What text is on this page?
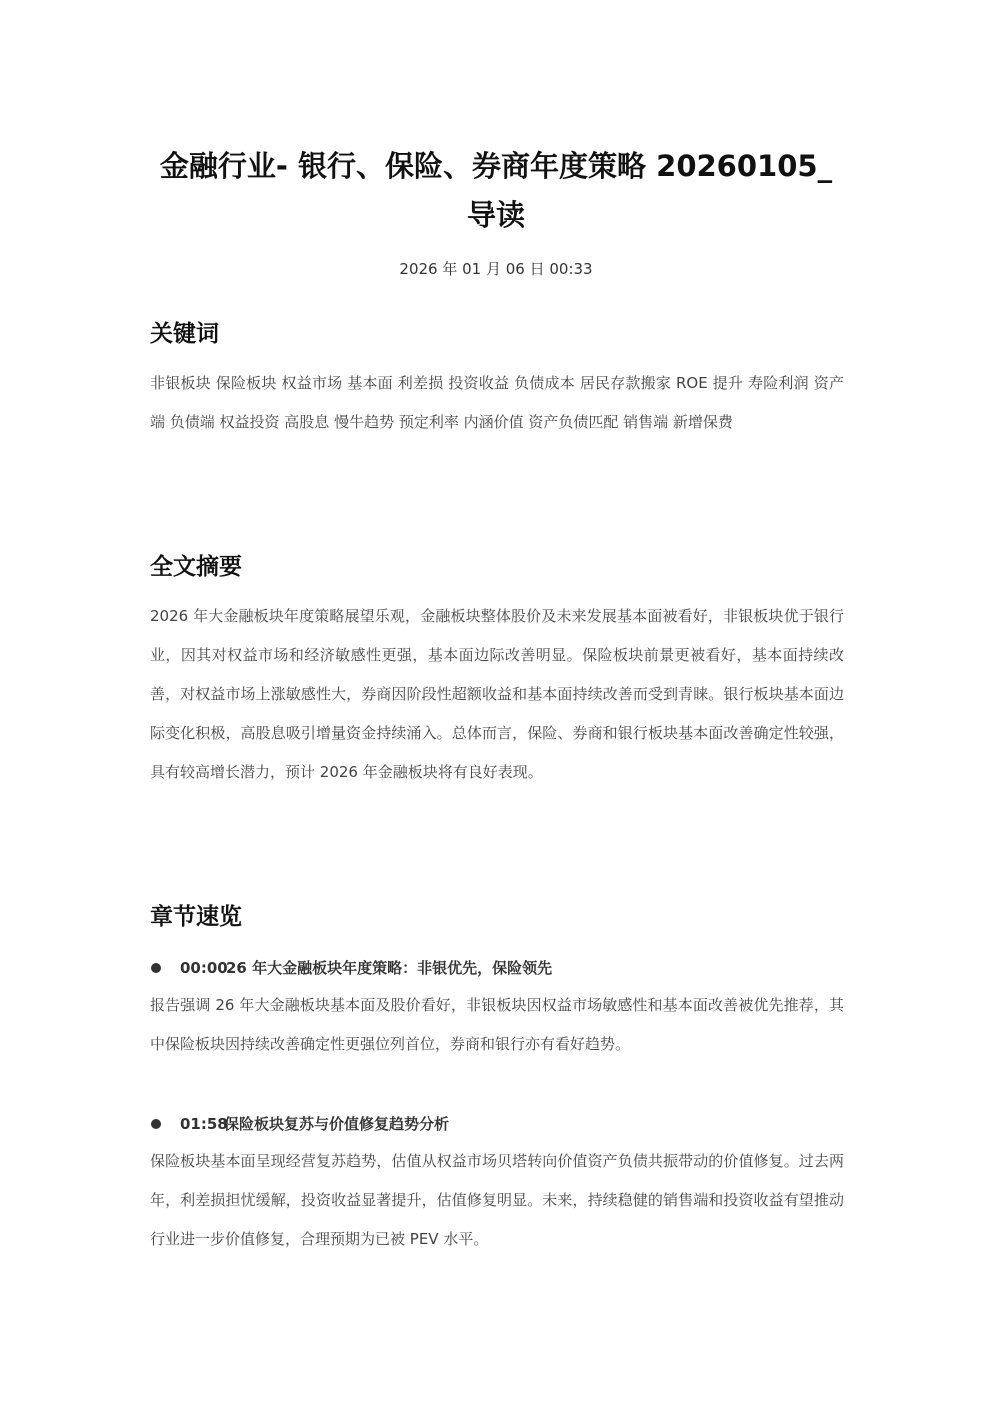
金融行业- 银行、保险、券商年度策略 20260105_导读
2026 年 01 月 06 日 00:33
关键词
非银板块 保险板块 权益市场 基本面 利差损 投资收益 负债成本 居民存款搬家 ROE 提升 寿险利润 资产端 负债端 权益投资 高股息 慢牛趋势 预定利率 内涵价值 资产负债匹配 销售端 新增保费
全文摘要
2026 年大金融板块年度策略展望乐观，金融板块整体股价及未来发展基本面被看好，非银板块优于银行业，因其对权益市场和经济敏感性更强，基本面边际改善明显。保险板块前景更被看好，基本面持续改善，对权益市场上涨敏感性大，券商因阶段性超额收益和基本面持续改善而受到青睐。银行板块基本面边际变化积极，高股息吸引增量资金持续涌入。总体而言，保险、券商和银行板块基本面改善确定性较强，具有较高增长潜力，预计 2026 年金融板块将有良好表现。
章节速览
00:00
26 年大金融板块年度策略：非银优先，保险领先
报告强调 26 年大金融板块基本面及股价看好，非银板块因权益市场敏感性和基本面改善被优先推荐，其中保险板块因持续改善确定性更强位列首位，券商和银行亦有看好趋势。
01:58
保险板块复苏与价值修复趋势分析
保险板块基本面呈现经营复苏趋势，估值从权益市场贝塔转向价值资产负债共振带动的价值修复。过去两年，利差损担忧缓解，投资收益显著提升，估值修复明显。未来，持续稳健的销售端和投资收益有望推动行业进一步价值修复，合理预期为已被 PEV 水平。
